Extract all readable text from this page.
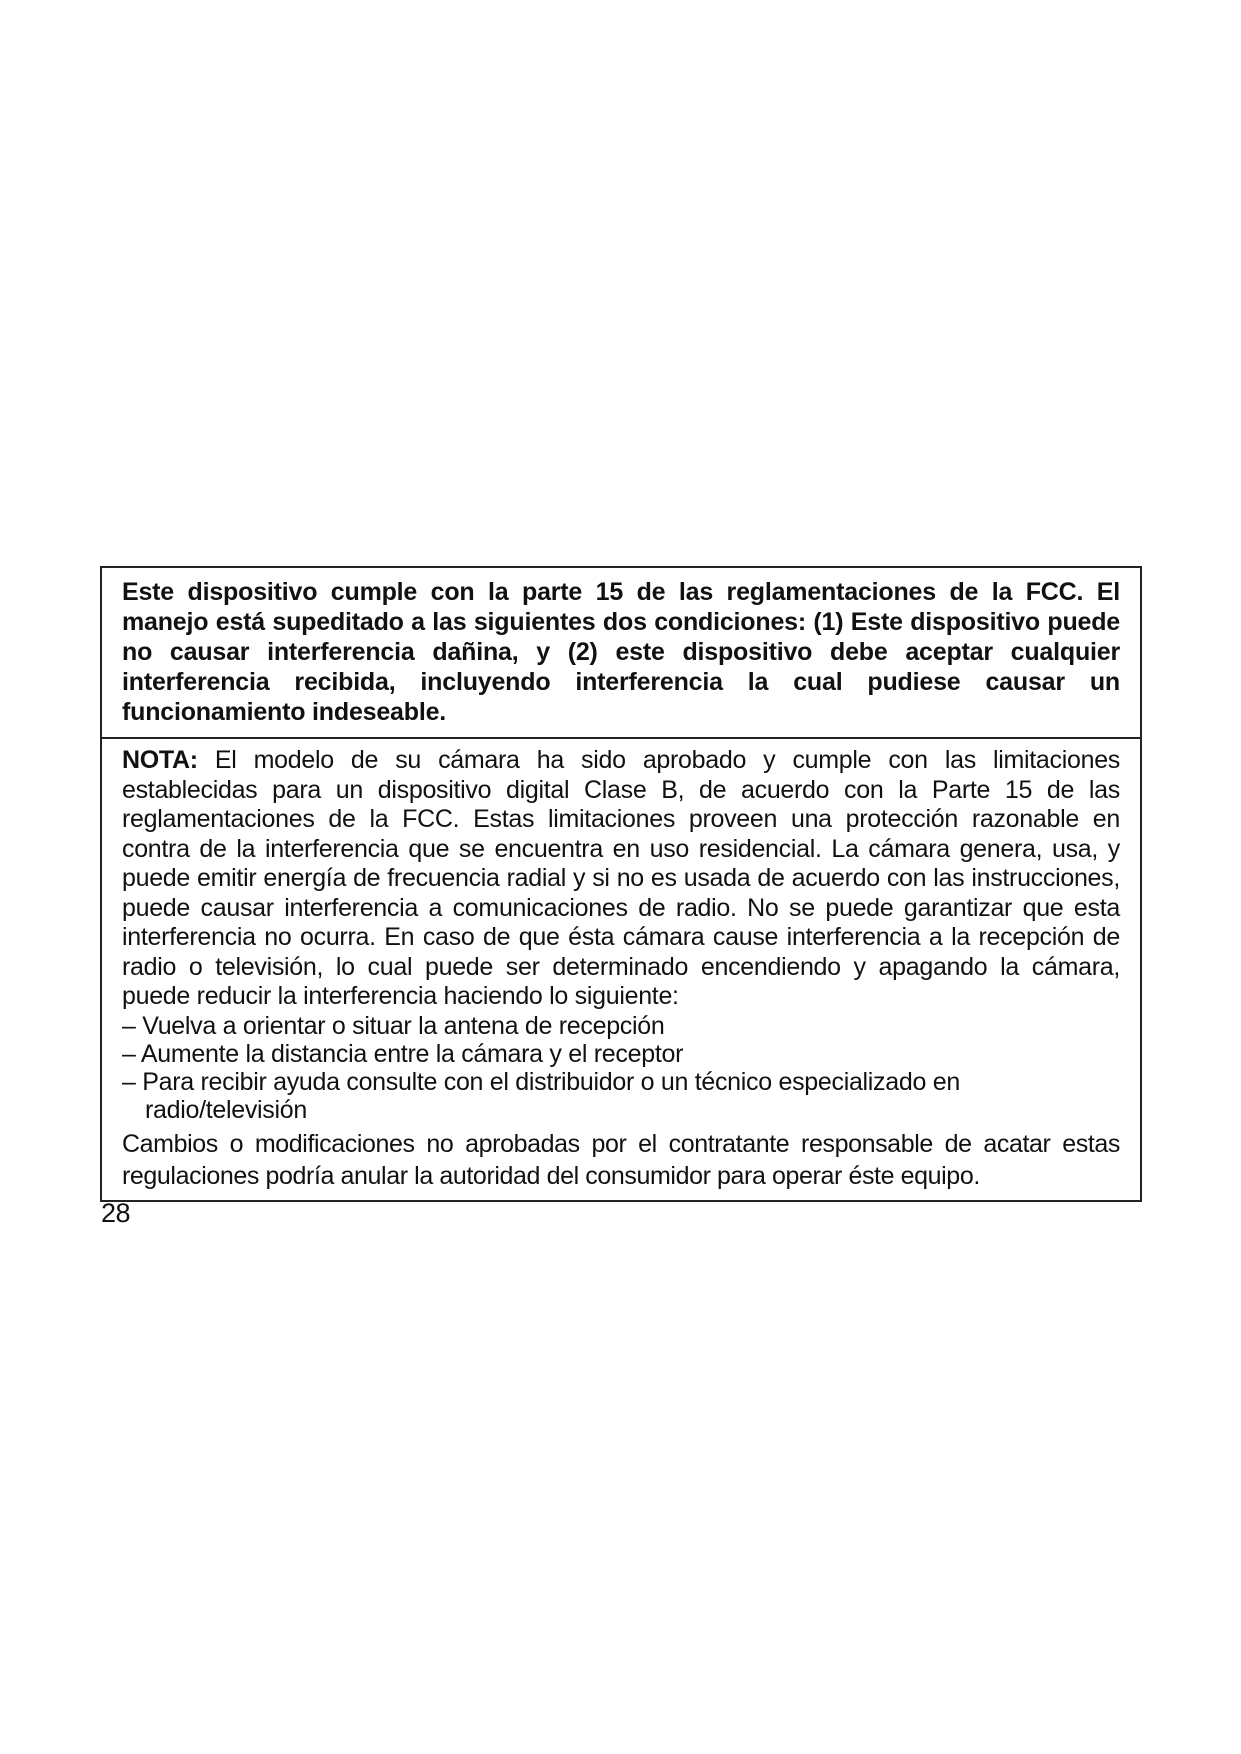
Este dispositivo cumple con la parte 15 de las reglamentaciones de la FCC. El manejo está supeditado a las siguientes dos condiciones: (1) Este dispositivo puede no causar interferencia dañina, y (2) este dispositivo debe aceptar cualquier interferencia recibida, incluyendo interferencia la cual pudiese causar un funcionamiento indeseable.

NOTA: El modelo de su cámara ha sido aprobado y cumple con las limitaciones establecidas para un dispositivo digital Clase B, de acuerdo con la Parte 15 de las reglamentaciones de la FCC. Estas limitaciones proveen una protección razonable en contra de la interferencia que se encuentra en uso residencial. La cámara genera, usa, y puede emitir energía de frecuencia radial y si no es usada de acuerdo con las instrucciones, puede causar interferencia a comunicaciones de radio. No se puede garantizar que esta interferencia no ocurra. En caso de que ésta cámara cause interferencia a la recepción de radio o televisión, lo cual puede ser determinado encendiendo y apagando la cámara, puede reducir la interferencia haciendo lo siguiente:

– Vuelva a orientar o situar la antena de recepción
– Aumente la distancia entre la cámara y el receptor
– Para recibir ayuda consulte con el distribuidor o un técnico especializado en radio/televisión

Cambios o modificaciones no aprobadas por el contratante responsable de acatar estas regulaciones podría anular la autoridad del consumidor para operar éste equipo.

28
